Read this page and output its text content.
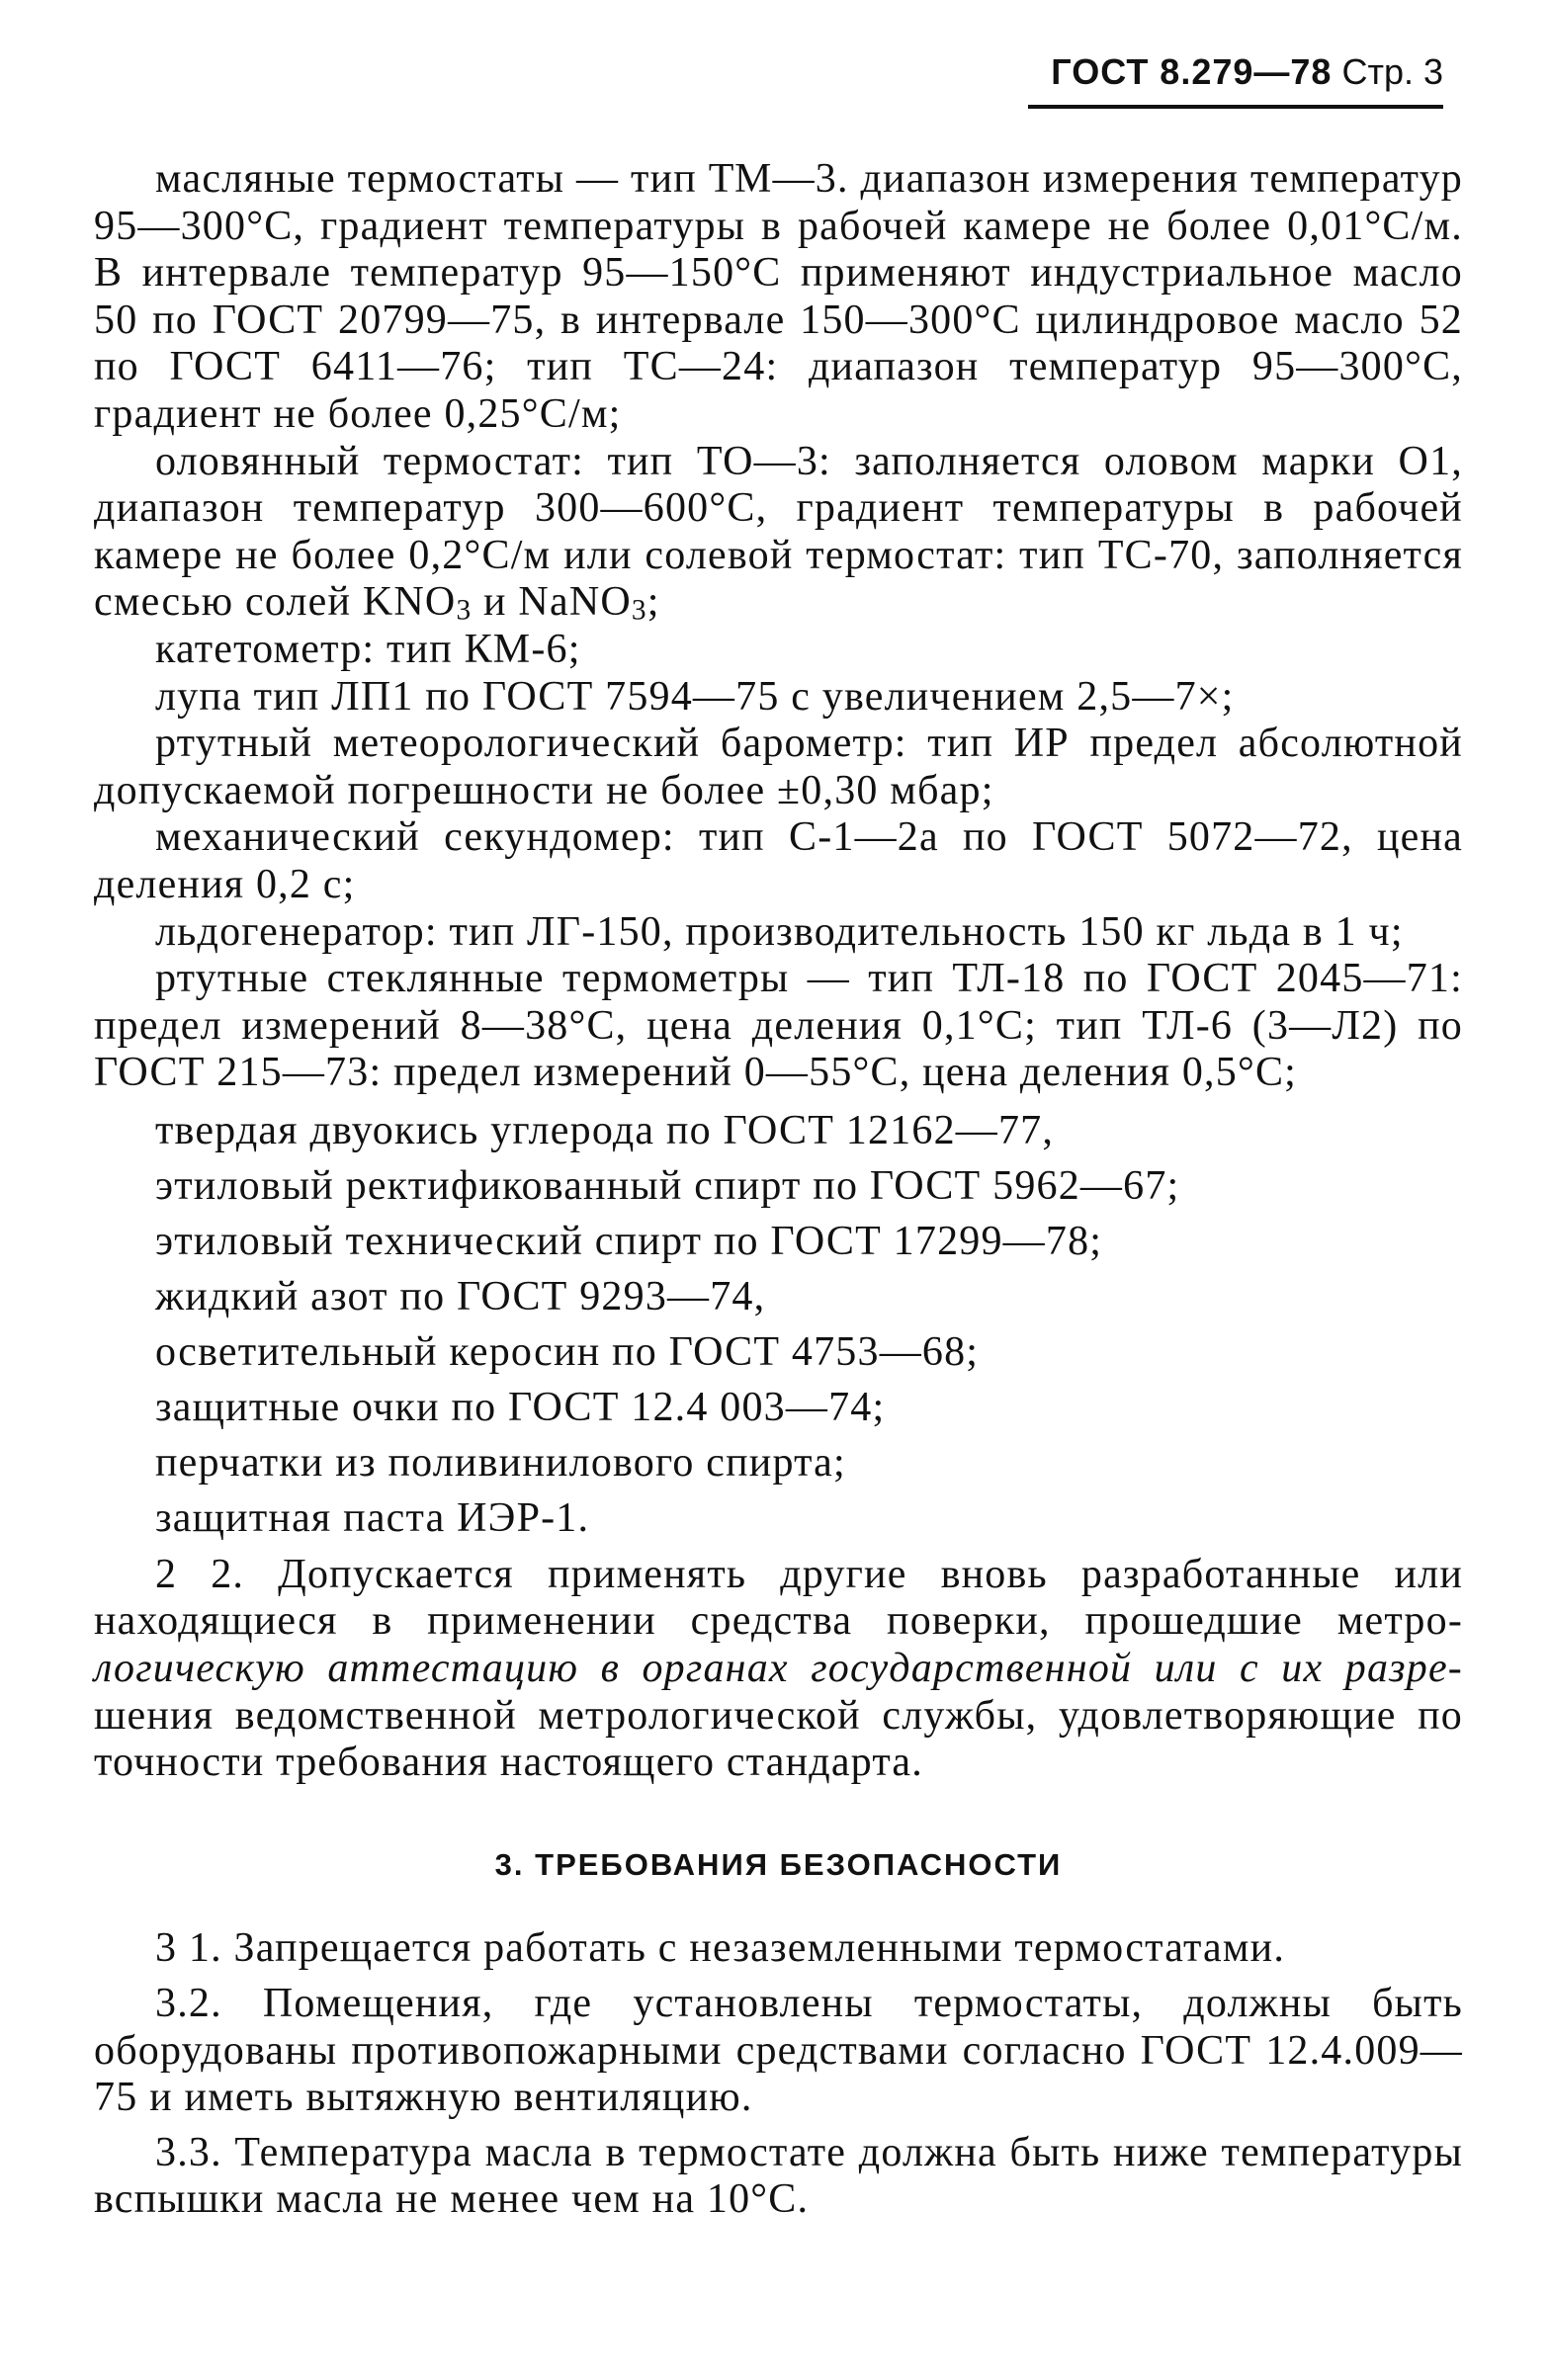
ГОСТ 8.279—78 Стр. 3

масляные термостаты — тип ТМ—3. диапазон измерения температур 95—300°С, градиент температуры в рабочей камере не более 0,01°С/м. В интервале температур 95—150°С применяют индустриальное масло 50 по ГОСТ 20799—75, в интервале 150—300°С цилиндровое масло 52 по ГОСТ 6411—76; тип ТС—24: диапазон температур 95—300°С, градиент не более 0,25°С/м;

оловянный термостат: тип ТО—3: заполняется оловом марки О1, диапазон температур 300—600°С, градиент температуры в рабочей камере не более 0,2°С/м или солевой термостат: тип ТС-70, заполняется смесью солей $KNO_3$ и NaNO$_3$;

катетометр: тип КМ-6;

лупа тип ЛП1 по ГОСТ 7594—75 с увеличением 2,5—7×;

ртутный метеорологический барометр: тип ИР предел абсолютной допускаемой погрешности не более ±0,30 мбар;

механический секундомер: тип С-1—2а по ГОСТ 5072—72, цена деления 0,2 с;

льдогенератор: тип ЛГ-150, производительность 150 кг льда в 1 ч;

ртутные стеклянные термометры — тип ТЛ-18 по ГОСТ 2045—71: предел измерений 8—38°С, цена деления 0,1°С; тип ТЛ-6 (3—Л2) по ГОСТ 215—73: предел измерений 0—55°С, цена деления 0,5°С;

твердая двуокись углерода по ГОСТ 12162—77,

этиловый ректификованный спирт по ГОСТ 5962—67;

этиловый технический спирт по ГОСТ 17299—78;

жидкий азот по ГОСТ 9293—74,

осветительный керосин по ГОСТ 4753—68;

защитные очки по ГОСТ 12.4 003—74;

перчатки из поливинилового спирта;

защитная паста ИЭР-1.

2 2. Допускается применять другие вновь разработанные или находящиеся в применении средства поверки, прошедшие метро- логическую аттестацию в органах государственной или с их разре- шения ведомственной метрологической службы, удовлетворяющие по точности требования настоящего стандарта.

3. ТРЕБОВАНИЯ БЕЗОПАСНОСТИ

3 1. Запрещается работать с незаземленными термостатами.

3.2. Помещения, где установлены термостаты, должны быть оборудованы противопожарными средствами согласно ГОСТ 12.4.009—75 и иметь вытяжную вентиляцию.

3.3. Температура масла в термостате должна быть ниже температуры вспышки масла не менее чем на 10°С.
